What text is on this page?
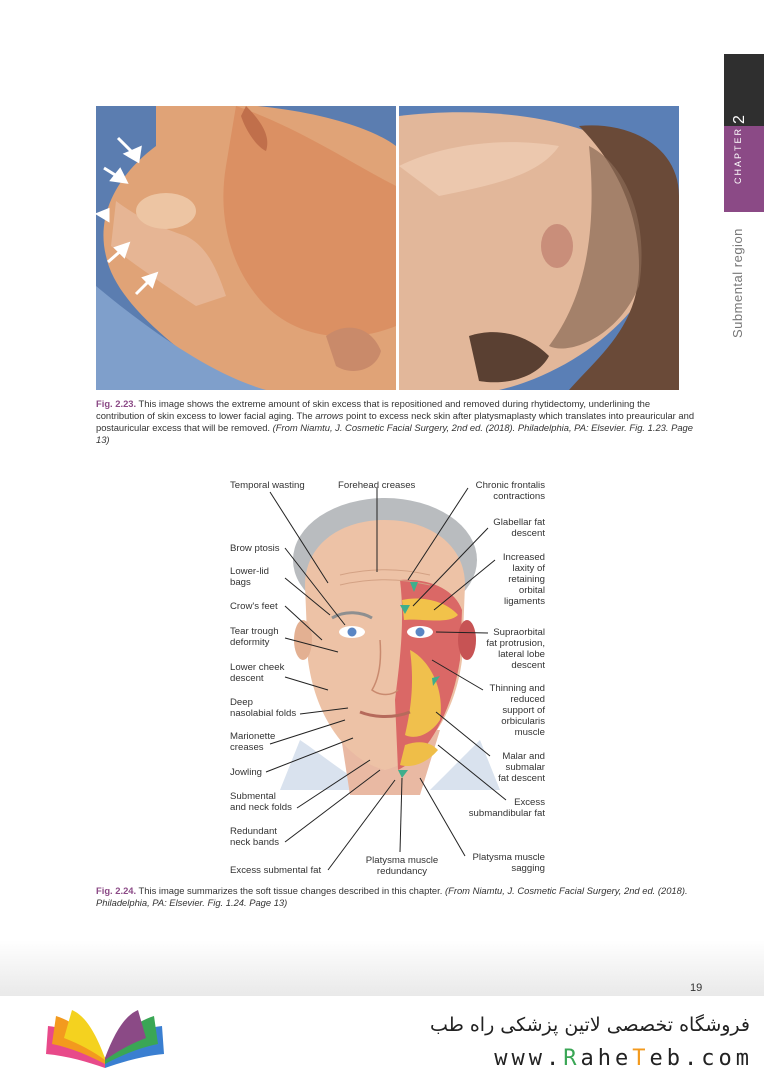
2
CHAPTER
Submental region
Fig. 2.23. This image shows the extreme amount of skin excess that is repositioned and removed during rhytidectomy, underlining the contribution of skin excess to lower facial aging. The arrows point to excess neck skin after platysmaplasty which translates into preauricular and postauricular excess that will be removed. (From Niamtu, J. Cosmetic Facial Surgery, 2nd ed. (2018). Philadelphia, PA: Elsevier. Fig. 1.23. Page 13)
Temporal wasting
Brow ptosis
Lower-lid
bags
Crow's feet
Tear trough
deformity
Lower cheek
descent
Deep
nasolabial folds
Marionette
creases
Jowling
Submental
and neck folds
Redundant
neck bands
Excess submental fat
Forehead creases	Chronic frontalis
contractions
Glabellar fat
descent
Increased
laxity of
retaining
orbital
ligaments
Supraorbital
fat protrusion,
lateral lobe
descent
Thinning and
reduced
support of
orbicularis
muscle
Malar and
submalar
fat descent
Excess
submandibular fat
Platysma muscle
sagging
Platysma muscle
redundancy
Fig. 2.24. This image summarizes the soft tissue changes described in this chapter. (From Niamtu, J. Cosmetic Facial Surgery, 2nd ed. (2018). Philadelphia, PA: Elsevier. Fig. 1.24. Page 13)
19
فروشگاه تخصصی لاتین پزشکی راه طب
www.RaheTeb.com
